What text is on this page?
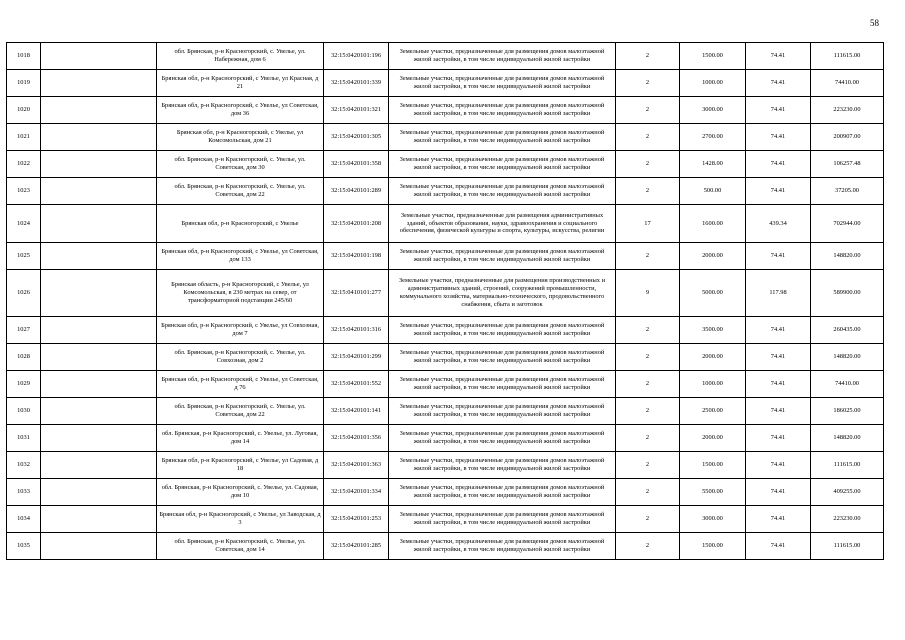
58
1018		обл. Брянская, р-н Красногорский, с. Увелье, ул. Набережная, дом 6	32:15:0420101:196	Земельные участки, предназначенные для размещения домов малоэтажной жилой застройки, в том числе индивидуальной жилой застройки	2	1500.00	74.41	111615.00
1019		Брянская обл, р-н Красногорский, с Увелье, ул Красная, д 21	32:15:0420101:339	Земельные участки, предназначенные для размещения домов малоэтажной жилой застройки, в том числе индивидуальной жилой застройки	2	1000.00	74.41	74410.00
1020		Брянская обл, р-н Красногорский, с Увелье, ул Советская, дом 36	32:15:0420101:321	Земельные участки, предназначенные для размещения домов малоэтажной жилой застройки, в том числе индивидуальной жилой застройки	2	3000.00	74.41	223230.00
1021		Брянская обл, р-н Красногорский, с Увелье, ул Комсомольская, дом 21	32:15:0420101:305	Земельные участки, предназначенные для размещения домов малоэтажной жилой застройки, в том числе индивидуальной жилой застройки	2	2700.00	74.41	200907.00
1022		обл. Брянская, р-н Красногорский, с. Увелье, ул. Советская, дом 30	32:15:0420101:358	Земельные участки, предназначенные для размещения домов малоэтажной жилой застройки, в том числе индивидуальной жилой застройки	2	1428.00	74.41	106257.48
1023		обл. Брянская, р-н Красногорский, с. Увелье, ул. Советская, дом 22	32:15:0420101:289	Земельные участки, предназначенные для размещения домов малоэтажной жилой застройки, в том числе индивидуальной жилой застройки	2	500.00	74.41	37205.00
1024		Брянская обл, р-н Красногорский, с Увелье	32:15:0420101:208	Земельные участки, предназначенные для размещения административных зданий, объектов образования, науки, здравоохранения и социального обеспечения, физической культуры и спорта, культуры, искусства, религии	17	1600.00	439.34	702944.00
1025		Брянская обл, р-н Красногорский, с Увелье, ул Советская, дом 133	32:15:0420101:198	Земельные участки, предназначенные для размещения домов малоэтажной жилой застройки, в том числе индивидуальной жилой застройки	2	2000.00	74.41	148820.00
1026		Брянская область, р-н Красногорский, с Увелье, ул Комсомольская, в 230 метрах на север, от трансформаторной подстанции 245/60	32:15:0410101:277	Земельные участки, предназначенные для размещения производственных и административных зданий, строений, сооружений промышленности, коммунального хозяйства, материально-технического, продовольственного снабжения, сбыта и заготовок	9	5000.00	117.98	589900.00
1027		Брянская обл, р-н Красногорский, с Увелье, ул Совхозная, дом 7	32:15:0420101:316	Земельные участки, предназначенные для размещения домов малоэтажной жилой застройки, в том числе индивидуальной жилой застройки	2	3500.00	74.41	260435.00
1028		обл. Брянская, р-н Красногорский, с. Увелье, ул. Совхозная, дом 2	32:15:0420101:299	Земельные участки, предназначенные для размещения домов малоэтажной жилой застройки, в том числе индивидуальной жилой застройки	2	2000.00	74.41	148820.00
1029		Брянская обл, р-н Красногорский, с Увелье, ул Советская, д 76	32:15:0420101:552	Земельные участки, предназначенные для размещения домов малоэтажной жилой застройки, в том числе индивидуальной жилой застройки	2	1000.00	74.41	74410.00
1030		обл. Брянская, р-н Красногорский, с. Увелье, ул. Советская, дом 22	32:15:0420101:141	Земельные участки, предназначенные для размещения домов малоэтажной жилой застройки, в том числе индивидуальной жилой застройки	2	2500.00	74.41	186025.00
1031		обл. Брянская, р-н Красногорский, с. Увелье, ул. Луговая, дом 14	32:15:0420101:356	Земельные участки, предназначенные для размещения домов малоэтажной жилой застройки, в том числе индивидуальной жилой застройки	2	2000.00	74.41	148820.00
1032		Брянская обл, р-н Красногорский, с Увелье, ул Садовая, д 18	32:15:0420101:363	Земельные участки, предназначенные для размещения домов малоэтажной жилой застройки, в том числе индивидуальной жилой застройки	2	1500.00	74.41	111615.00
1033		обл. Брянская, р-н Красногорский, с. Увелье, ул. Садовая, дом 10	32:15:0420101:334	Земельные участки, предназначенные для размещения домов малоэтажной жилой застройки, в том числе индивидуальной жилой застройки	2	5500.00	74.41	409255.00
1034		Брянская обл, р-н Красногорский, с Увелье, ул Заводская, д 3	32:15:0420101:253	Земельные участки, предназначенные для размещения домов малоэтажной жилой застройки, в том числе индивидуальной жилой застройки	2	3000.00	74.41	223230.00
1035		обл. Брянская, р-н Красногорский, с. Увелье, ул. Советская, дом 14	32:15:0420101:285	Земельные участки, предназначенные для размещения домов малоэтажной жилой застройки, в том числе индивидуальной жилой застройки	2	1500.00	74.41	111615.00
